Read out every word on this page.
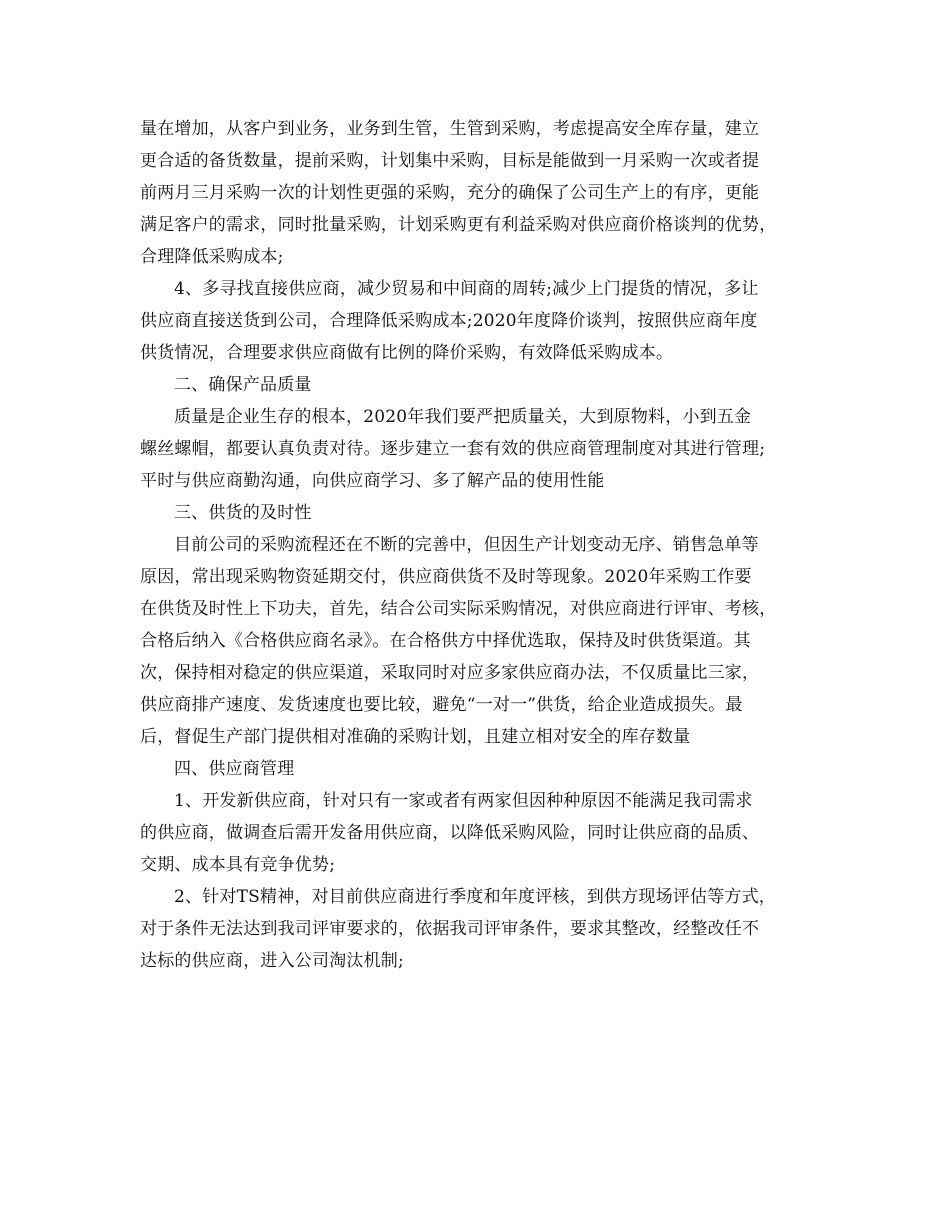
量在增加，从客户到业务，业务到生管，生管到采购，考虑提高安全库存量，建立
更合适的备货数量，提前采购，计划集中采购，目标是能做到一月采购一次或者提
前两月三月采购一次的计划性更强的采购，充分的确保了公司生产上的有序，更能
满足客户的需求，同时批量采购，计划采购更有利益采购对供应商价格谈判的优势，
合理降低采购成本;
4、多寻找直接供应商，减少贸易和中间商的周转;减少上门提货的情况，多让
供应商直接送货到公司，合理降低采购成本;2020年度降价谈判，按照供应商年度
供货情况，合理要求供应商做有比例的降价采购，有效降低采购成本。
二、确保产品质量
质量是企业生存的根本，2020年我们要严把质量关，大到原物料，小到五金
螺丝螺帽，都要认真负责对待。逐步建立一套有效的供应商管理制度对其进行管理;
平时与供应商勤沟通，向供应商学习、多了解产品的使用性能
三、供货的及时性
目前公司的采购流程还在不断的完善中，但因生产计划变动无序、销售急单等
原因，常出现采购物资延期交付，供应商供货不及时等现象。2020年采购工作要
在供货及时性上下功夫，首先，结合公司实际采购情况，对供应商进行评审、考核，
合格后纳入《合格供应商名录》。在合格供方中择优选取，保持及时供货渠道。其
次，保持相对稳定的供应渠道，采取同时对应多家供应商办法，不仅质量比三家，
供应商排产速度、发货速度也要比较，避免“一对一”供货，给企业造成损失。最
后，督促生产部门提供相对准确的采购计划，且建立相对安全的库存数量
四、供应商管理
1、开发新供应商，针对只有一家或者有两家但因种种原因不能满足我司需求
的供应商，做调查后需开发备用供应商，以降低采购风险，同时让供应商的品质、
交期、成本具有竞争优势;
2、针对TS精神，对目前供应商进行季度和年度评核，到供方现场评估等方式，
对于条件无法达到我司评审要求的，依据我司评审条件，要求其整改，经整改任不
达标的供应商，进入公司淘汰机制;
